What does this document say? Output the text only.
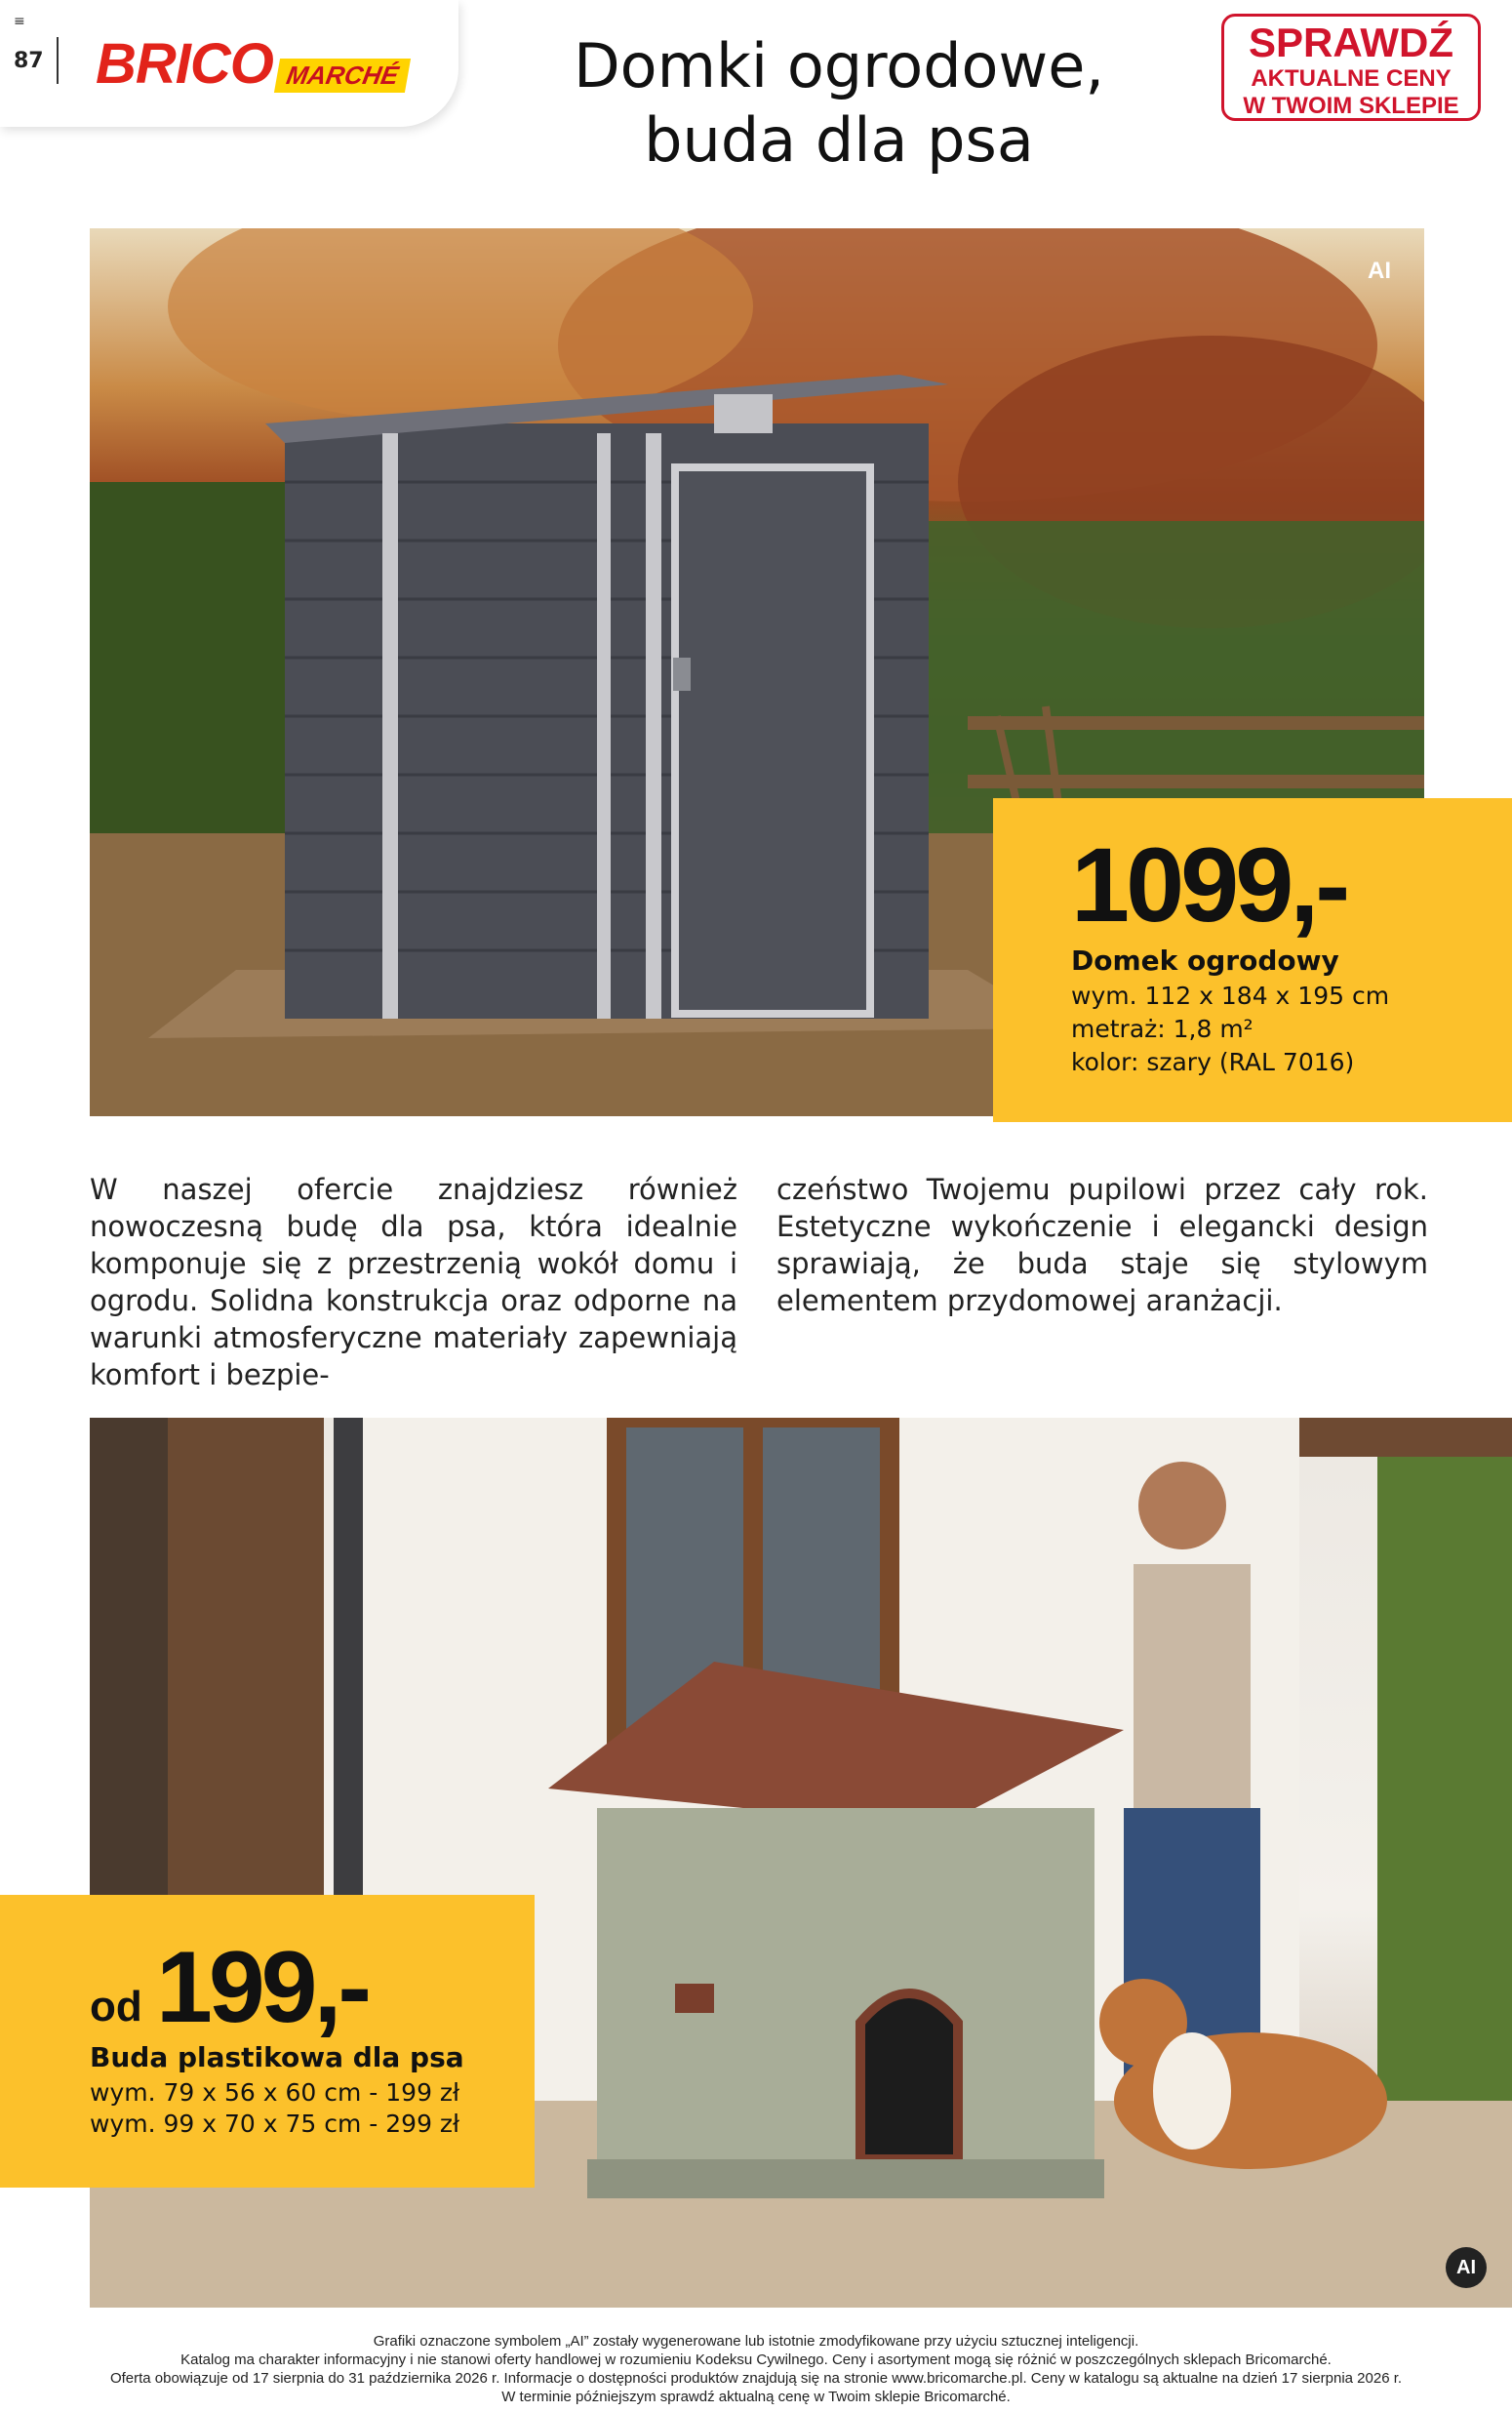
≡
87 BRICO MARCHÉ	Domki ogrodowe,
buda dla psa
SPRAWDŹ
AKTUALNE CENY
W TWOIM SKLEPIE
AI
1099,-
Domek ogrodowy
wym. 112 x 184 x 195 cm
metraż: 1,8 m²
kolor: szary (RAL 7016)
W naszej ofercie znajdziesz również nowoczesną budę dla psa, która idealnie komponuje się z przestrzenią wokół domu i ogrodu. Solidna konstrukcja oraz odporne na warunki atmosferyczne materiały zapewniają komfort i bezpie-
czeństwo Twojemu pupilowi przez cały rok. Estetyczne wykończenie i elegancki design sprawiają, że buda staje się stylowym elementem przydomowej aranżacji.
AI
od 199,-
Buda plastikowa dla psa
wym. 79 x 56 x 60 cm - 199 zł
wym. 99 x 70 x 75 cm - 299 zł
Grafiki oznaczone symbolem „AI” zostały wygenerowane lub istotnie zmodyfikowane przy użyciu sztucznej inteligencji.
Katalog ma charakter informacyjny i nie stanowi oferty handlowej w rozumieniu Kodeksu Cywilnego. Ceny i asortyment mogą się różnić w poszczególnych sklepach Bricomarché.
Oferta obowiązuje od 17 sierpnia do 31 października 2026 r. Informacje o dostępności produktów znajdują się na stronie www.bricomarche.pl. Ceny w katalogu są aktualne na dzień 17 sierpnia 2026 r.
W terminie późniejszym sprawdź aktualną cenę w Twoim sklepie Bricomarché.
